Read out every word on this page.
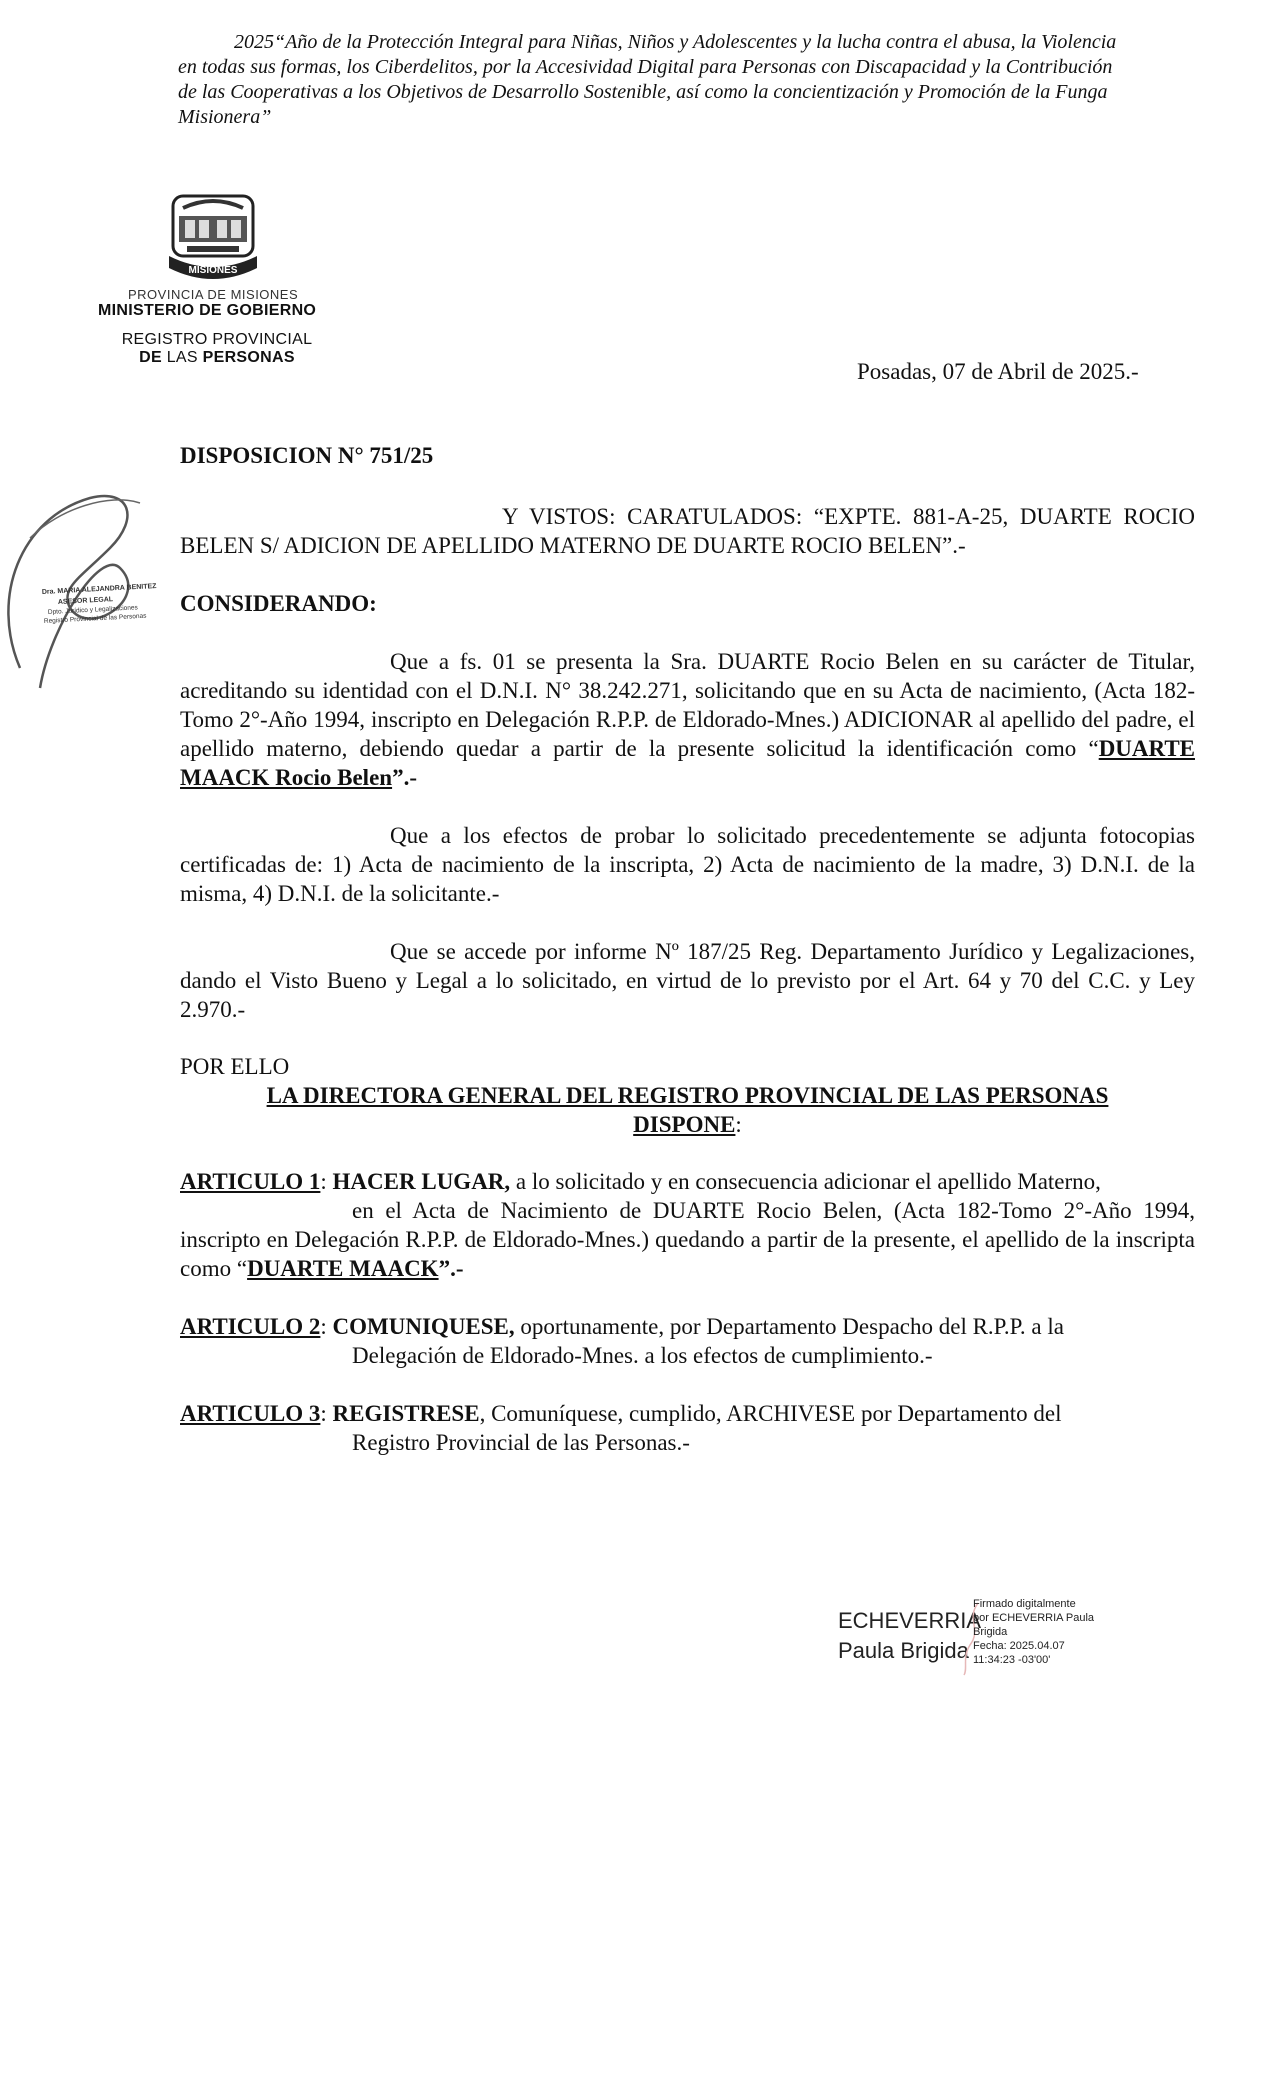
2025“Año de la Protección Integral para Niñas, Niños y Adolescentes y la lucha contra el abusa, la Violencia
en todas sus formas, los Ciberdelitos, por la Accesividad Digital para Personas con Discapacidad y la Contribución
de las Cooperativas a los Objetivos de Desarrollo Sostenible, así como la concientización y Promoción de la Funga
Misionera”
MISIONES
PROVINCIA DE MISIONES
MINISTERIO DE GOBIERNO
REGISTRO PROVINCIAL
DE LAS PERSONAS
Posadas, 07 de Abril de 2025.-
Dra. MARIA ALEJANDRA BENITEZ
ASESOR LEGAL
Dpto. Jurídico y Legalizaciones
Registro Provincial de las Personas
DISPOSICION N° 751/25
Y VISTOS: CARATULADOS: “EXPTE. 881-A-25, DUARTE ROCIO BELEN S/ ADICION DE APELLIDO MATERNO DE DUARTE ROCIO BELEN”.-
CONSIDERANDO:
Que a fs. 01 se presenta la Sra. DUARTE Rocio Belen en su carácter de Titular, acreditando su identidad con el D.N.I. N° 38.242.271, solicitando que en su Acta de nacimiento, (Acta 182-Tomo 2°-Año 1994, inscripto en Delegación R.P.P. de Eldorado-Mnes.) ADICIONAR al apellido del padre, el apellido materno, debiendo quedar a partir de la presente solicitud la identificación como “DUARTE MAACK Rocio Belen”.-
Que a los efectos de probar lo solicitado precedentemente se adjunta fotocopias certificadas de: 1) Acta de nacimiento de la inscripta, 2) Acta de nacimiento de la madre, 3) D.N.I. de la misma, 4) D.N.I. de la solicitante.-
Que se accede por informe Nº 187/25 Reg. Departamento Jurídico y Legalizaciones, dando el Visto Bueno y Legal a lo solicitado, en virtud de lo previsto por el Art. 64 y 70 del C.C. y Ley 2.970.-
POR ELLO
LA DIRECTORA GENERAL DEL REGISTRO PROVINCIAL DE LAS PERSONAS
DISPONE:
ARTICULO 1: HACER LUGAR, a lo solicitado y en consecuencia adicionar el apellido Materno,
en el Acta de Nacimiento de DUARTE Rocio Belen, (Acta 182-Tomo 2°-Año 1994, inscripto en Delegación R.P.P. de Eldorado-Mnes.) quedando a partir de la presente, el apellido de la inscripta como “DUARTE MAACK”.-
ARTICULO 2: COMUNIQUESE, oportunamente, por Departamento Despacho del R.P.P. a la
Delegación de Eldorado-Mnes. a los efectos de cumplimiento.-
ARTICULO 3: REGISTRESE, Comuníquese, cumplido, ARCHIVESE por Departamento del
Registro Provincial de las Personas.-
ECHEVERRIA
Paula Brigida
Firmado digitalmente
por ECHEVERRIA Paula
Brigida
Fecha: 2025.04.07
11:34:23 -03'00'
